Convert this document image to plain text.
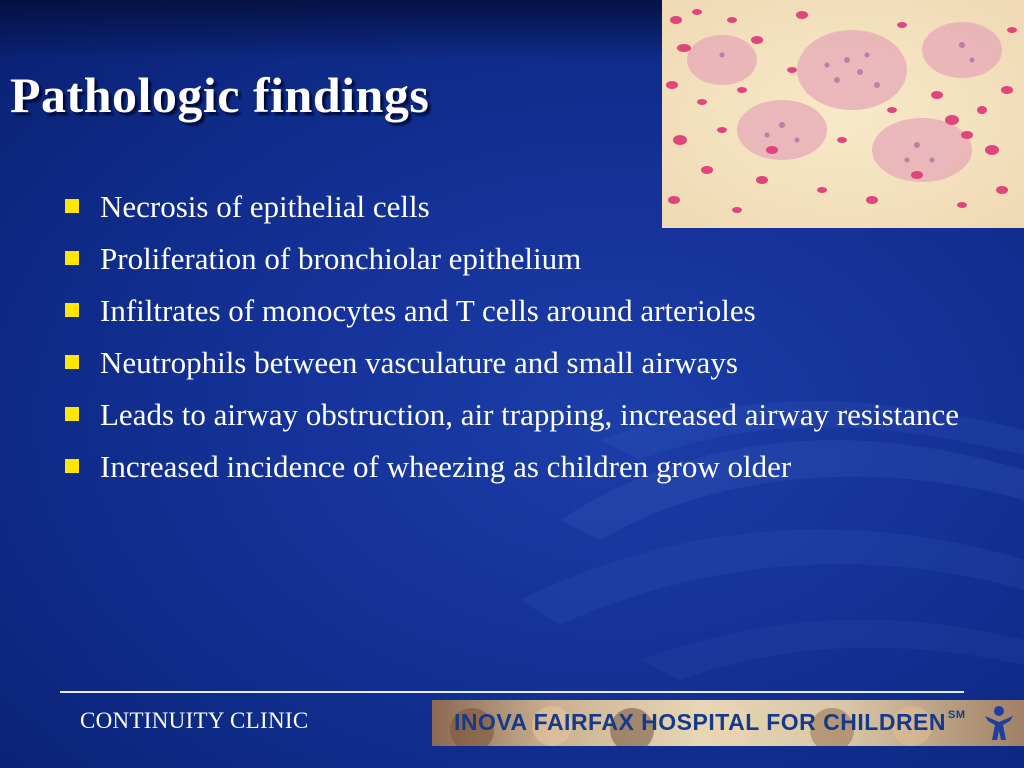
Pathologic findings
Necrosis of epithelial cells
Proliferation of bronchiolar epithelium
Infiltrates of monocytes and T cells around arterioles
Neutrophils between vasculature and small airways
Leads to airway obstruction, air trapping, increased airway resistance
Increased incidence of wheezing as children grow older
CONTINUITY CLINIC	INOVA FAIRFAX HOSPITAL FOR CHILDREN ℠
